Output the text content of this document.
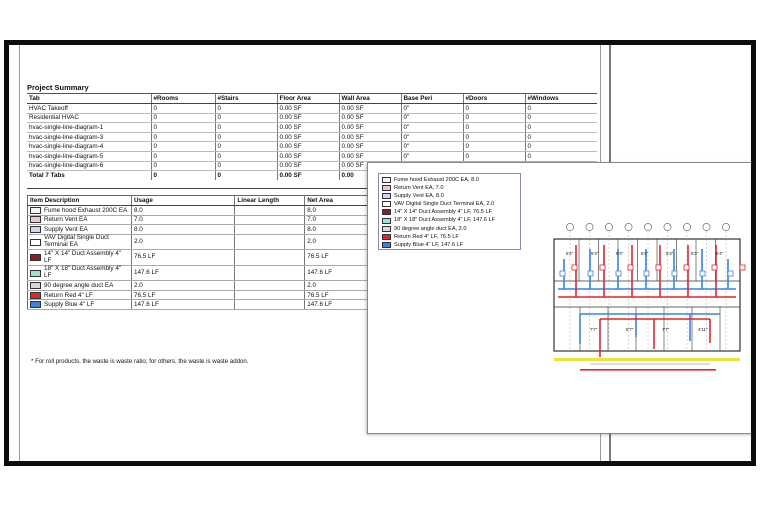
Project Summary
Tab	#Rooms	#Stairs	Floor Area	Wall Area	Base Peri	#Doors	#Windows
HVAC Takeoff	0	0	0.00 SF	0.00 SF	0"	0	0
Residential HVAC	0	0	0.00 SF	0.00 SF	0"	0	0
hvac-single-line-diagram-1	0	0	0.00 SF	0.00 SF	0"	0	0
hvac-single-line-diagram-3	0	0	0.00 SF	0.00 SF	0"	0	0
hvac-single-line-diagram-4	0	0	0.00 SF	0.00 SF	0"	0	0
hvac-single-line-diagram-5	0	0	0.00 SF	0.00 SF	0"	0	0
hvac-single-line-diagram-6	0	0	0.00 SF	0.00 SF			
Total 7 Tabs	0	0	0.00 SF	0.00			
Item Description	Usage	Linear Length	Net Area

Fume hood Exhaust 200C EA	8.0		8.0

Return Vent EA	7.0		7.0

Supply Vent EA	8.0		8.0

VAV Digital Single Duct Terminal EA	2.0		2.0

14" X 14" Duct Assembly 4" LF	76.5 LF		76.5 LF

18" X 18" Duct Assembly 4" LF	147.6 LF		147.6 LF

90 degree angle duct EA	2.0		2.0

Return Red 4" LF	76.5 LF		76.5 LF

Supply Blue 4" LF	147.6 LF		147.6 LF
* For roll products, the waste is waste ratio; for others, the waste is waste addon.
Fume hood Exhaust 200C EA, 8.0
Return Vent EA, 7.0
Supply Vent EA, 8.0
VAV Digital Single Duct Terminal EA, 2.0
14" X 14" Duct Assembly 4" LF, 76.5 LF
18" X 18" Duct Assembly 4" LF, 147.6 LF
90 degree angle duct EA, 2.0
Return Red 4" LF, 76.5 LF
Supply Blue 4" LF, 147.6 LF
5'4"	5'3"	5'3"	5'3"	5'3"	5'3"	5'4"
7'7"	5'7"	7'7"	4'11"
